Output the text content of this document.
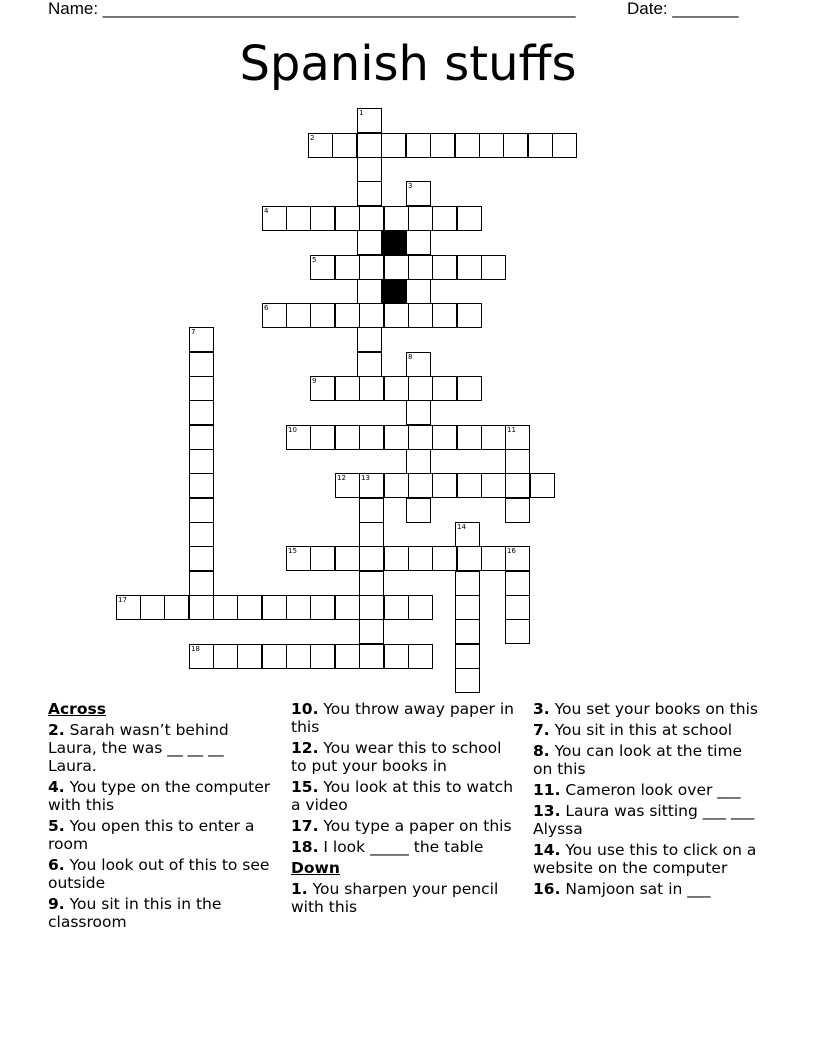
Name: __________________________________________________	Date: _______
Spanish stuffs
1
2
3
4
5
6
7
8
9
10	11
12 13
14
15	16
17
18
Across
2. Sarah wasn’t behind Laura, the was __ __ __ Laura.
4. You type on the computer with this
5. You open this to enter a room
6. You look out of this to see outside
9. You sit in this in the classroom
10. You throw away paper in this
12. You wear this to school to put your books in
15. You look at this to watch a video
17. You type a paper on this
18. I look _____ the table
Down
1. You sharpen your pencil with this
3. You set your books on this
7. You sit in this at school
8. You can look at the time on this
11. Cameron look over ___
13. Laura was sitting ___ ___ Alyssa
14. You use this to click on a website on the computer
16. Namjoon sat in ___
